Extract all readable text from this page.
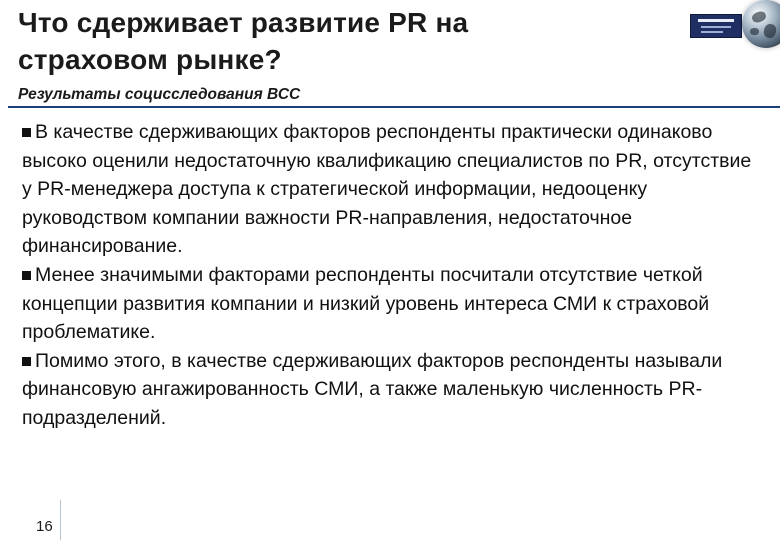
Что сдерживает развитие PR на страховом рынке?
Результаты социсследования ВСС

В качестве сдерживающих факторов респонденты практически одинаково высоко оценили недостаточную квалификацию специалистов по PR, отсутствие у PR-менеджера доступа к стратегической информации, недооценку руководством компании важности PR-направления, недостаточное финансирование.

Менее значимыми факторами респонденты посчитали отсутствие четкой концепции развития компании и низкий уровень интереса СМИ к страховой проблематике.

Помимо этого, в качестве сдерживающих факторов респонденты называли финансовую ангажированность СМИ, а также маленькую численность PR-подразделений.

16
